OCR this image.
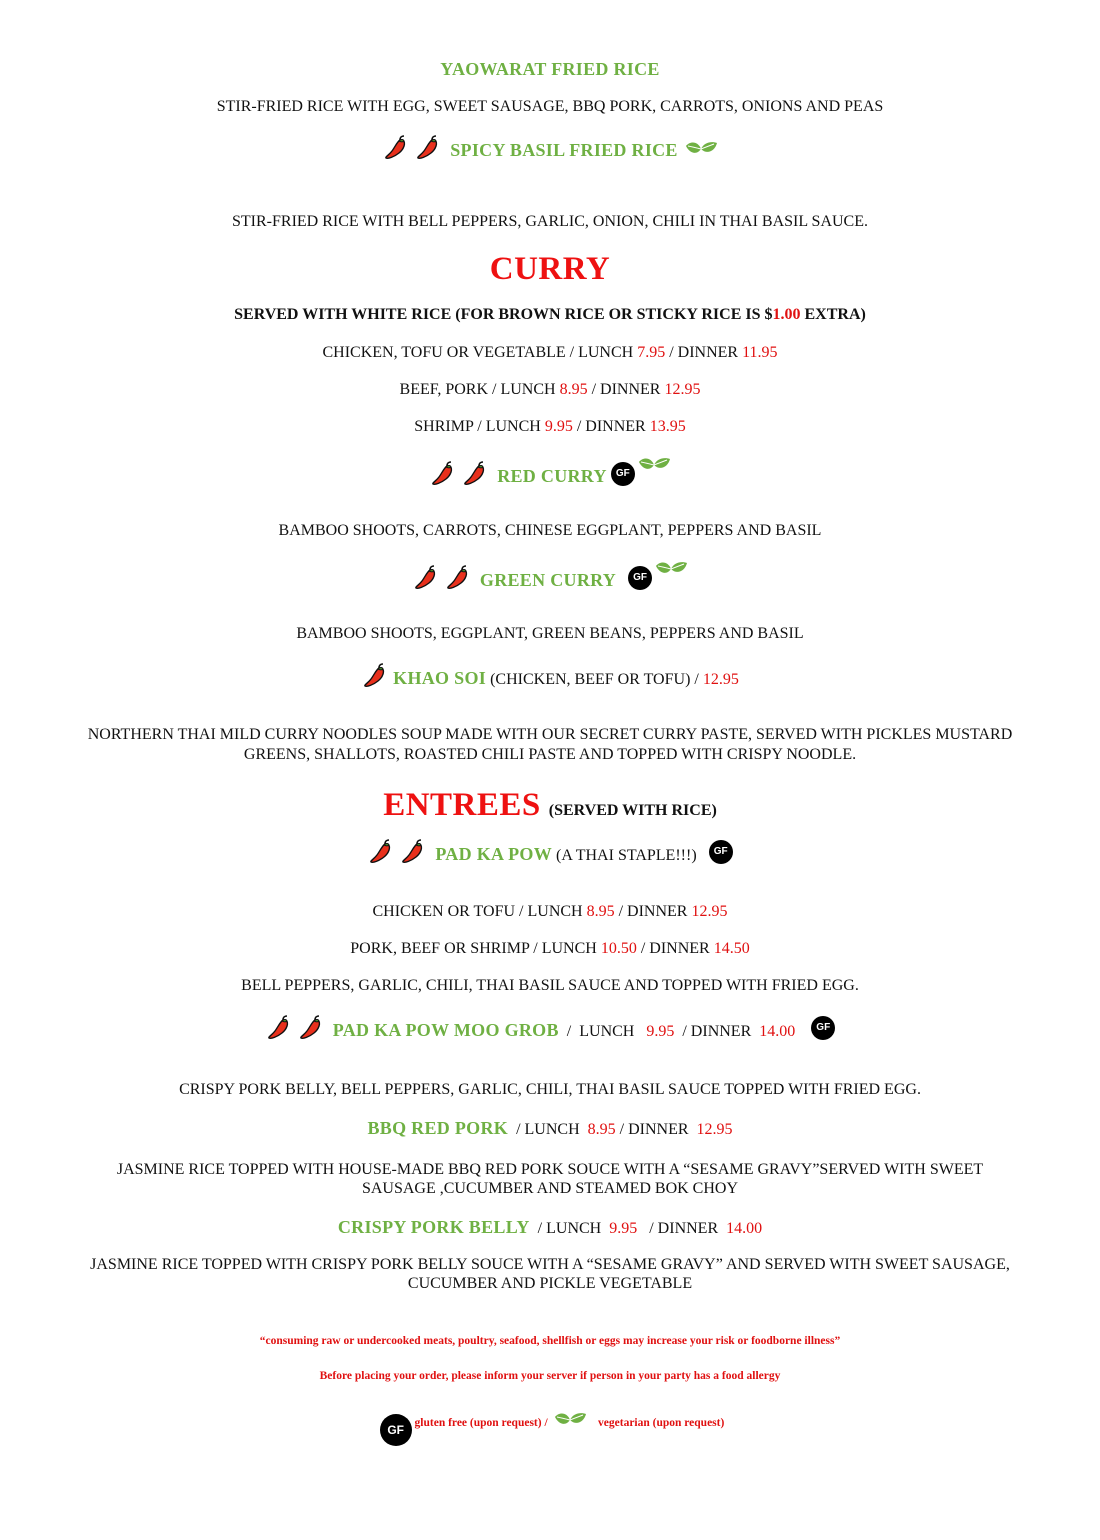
YAOWARAT FRIED RICE
STIR-FRIED RICE WITH EGG, SWEET SAUSAGE, BBQ PORK, CARROTS, ONIONS AND PEAS
SPICY BASIL FRIED RICE
STIR-FRIED RICE WITH BELL PEPPERS, GARLIC, ONION, CHILI IN THAI BASIL SAUCE.
CURRY
SERVED WITH WHITE RICE (FOR BROWN RICE OR STICKY RICE IS $1.00 EXTRA)
CHICKEN, TOFU OR VEGETABLE / LUNCH 7.95 / DINNER 11.95
BEEF, PORK / LUNCH 8.95 / DINNER 12.95
SHRIMP / LUNCH 9.95 / DINNER 13.95
RED CURRY GF
BAMBOO SHOOTS, CARROTS, CHINESE EGGPLANT, PEPPERS AND BASIL
GREEN CURRY GF
BAMBOO SHOOTS, EGGPLANT, GREEN BEANS, PEPPERS AND BASIL
KHAO SOI (CHICKEN, BEEF OR TOFU) / 12.95
NORTHERN THAI MILD CURRY NOODLES SOUP MADE WITH OUR SECRET CURRY PASTE, SERVED WITH PICKLES MUSTARD
GREENS, SHALLOTS, ROASTED CHILI PASTE AND TOPPED WITH CRISPY NOODLE.
ENTREES (SERVED WITH RICE)
PAD KA POW (A THAI STAPLE!!!) GF
CHICKEN OR TOFU / LUNCH 8.95 / DINNER 12.95
PORK, BEEF OR SHRIMP / LUNCH 10.50 / DINNER 14.50
BELL PEPPERS, GARLIC, CHILI, THAI BASIL SAUCE AND TOPPED WITH FRIED EGG.
PAD KA POW MOO GROB  /  LUNCH   9.95  / DINNER  14.00 GF
CRISPY PORK BELLY, BELL PEPPERS, GARLIC, CHILI, THAI BASIL SAUCE TOPPED WITH FRIED EGG.
BBQ RED PORK  / LUNCH  8.95 / DINNER  12.95
JASMINE RICE TOPPED WITH HOUSE-MADE BBQ RED PORK SOUCE WITH A “SESAME GRAVY”SERVED WITH SWEET
SAUSAGE ,CUCUMBER AND STEAMED BOK CHOY
CRISPY PORK BELLY  / LUNCH  9.95   / DINNER  14.00
JASMINE RICE TOPPED WITH CRISPY PORK BELLY SOUCE WITH A “SESAME GRAVY” AND SERVED WITH SWEET SAUSAGE,
CUCUMBER AND PICKLE VEGETABLE
“consuming raw or undercooked meats, poultry, seafood, shellfish or eggs may increase your risk or foodborne illness”
Before placing your order, please inform your server if person in your party has a food allergy
GF gluten free (upon request) /	vegetarian (upon request)
